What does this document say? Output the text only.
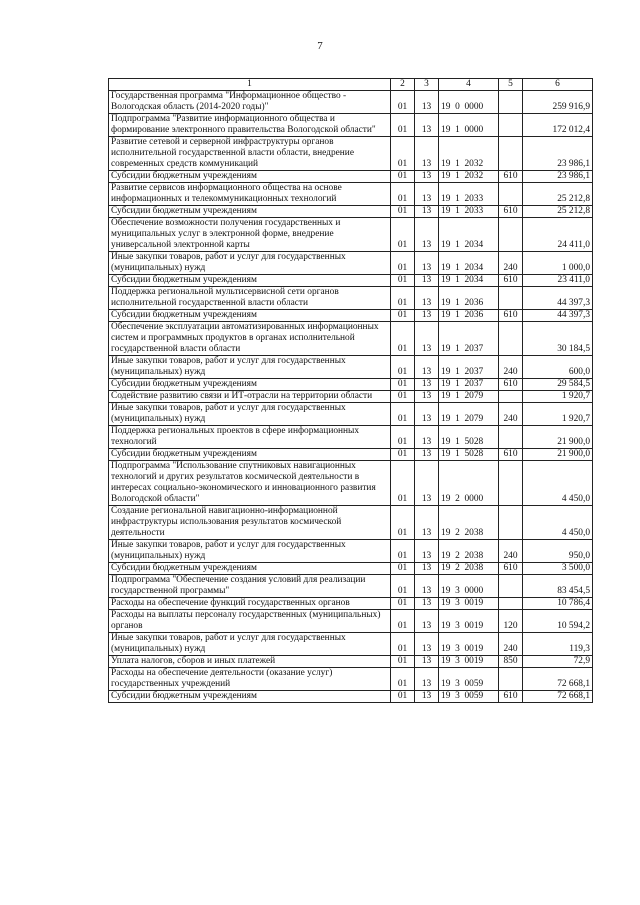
7
1	2	3	4	5	6
Государственная программа "Информационное общество - Вологодская область (2014-2020 годы)"	01	13	19  0  0000		259 916,9
Подпрограмма "Развитие информационного общества и формирование электронного правительства Вологодской области"	01	13	19  1  0000		172 012,4
Развитие сетевой и серверной инфраструктуры органов исполнительной государственной власти области, внедрение современных средств коммуникаций	01	13	19  1  2032		23 986,1
Субсидии бюджетным учреждениям	01	13	19  1  2032	610	23 986,1
Развитие сервисов информационного общества на основе информационных и телекоммуникационных технологий	01	13	19  1  2033		25 212,8
Субсидии бюджетным учреждениям	01	13	19  1  2033	610	25 212,8
Обеспечение возможности получения государственных и муниципальных услуг в электронной форме, внедрение универсальной электронной карты	01	13	19  1  2034		24 411,0
Иные закупки товаров, работ и услуг для государственных (муниципальных) нужд	01	13	19  1  2034	240	1 000,0
Субсидии бюджетным учреждениям	01	13	19  1  2034	610	23 411,0
Поддержка региональной мультисервисной сети органов исполнительной государственной власти области	01	13	19  1  2036		44 397,3
Субсидии бюджетным учреждениям	01	13	19  1  2036	610	44 397,3
Обеспечение эксплуатации автоматизированных информационных систем и программных продуктов в органах исполнительной государственной власти области	01	13	19  1  2037		30 184,5
Иные закупки товаров, работ и услуг для государственных (муниципальных) нужд	01	13	19  1  2037	240	600,0
Субсидии бюджетным учреждениям	01	13	19  1  2037	610	29 584,5
Содействие развитию связи и ИТ-отрасли на территории области	01	13	19  1  2079		1 920,7
Иные закупки товаров, работ и услуг для государственных (муниципальных) нужд	01	13	19  1  2079	240	1 920,7
Поддержка региональных проектов в сфере информационных технологий	01	13	19  1  5028		21 900,0
Субсидии бюджетным учреждениям	01	13	19  1  5028	610	21 900,0
Подпрограмма "Использование спутниковых навигационных технологий и других результатов космической деятельности в интересах социально-экономического и инновационного развития Вологодской области"	01	13	19  2  0000		4 450,0
Создание региональной навигационно-информационной инфраструктуры использования результатов космической деятельности	01	13	19  2  2038		4 450,0
Иные закупки товаров, работ и услуг для государственных (муниципальных) нужд	01	13	19  2  2038	240	950,0
Субсидии бюджетным учреждениям	01	13	19  2  2038	610	3 500,0
Подпрограмма "Обеспечение создания условий для реализации государственной программы"	01	13	19  3  0000		83 454,5
Расходы на обеспечение функций государственных органов	01	13	19  3  0019		10 786,4
Расходы на выплаты персоналу государственных (муниципальных) органов	01	13	19  3  0019	120	10 594,2
Иные закупки товаров, работ и услуг для государственных (муниципальных) нужд	01	13	19  3  0019	240	119,3
Уплата налогов, сборов и иных платежей	01	13	19  3  0019	850	72,9
Расходы на обеспечение деятельности (оказание услуг) государственных учреждений	01	13	19  3  0059		72 668,1
Субсидии бюджетным учреждениям	01	13	19  3  0059	610	72 668,1
